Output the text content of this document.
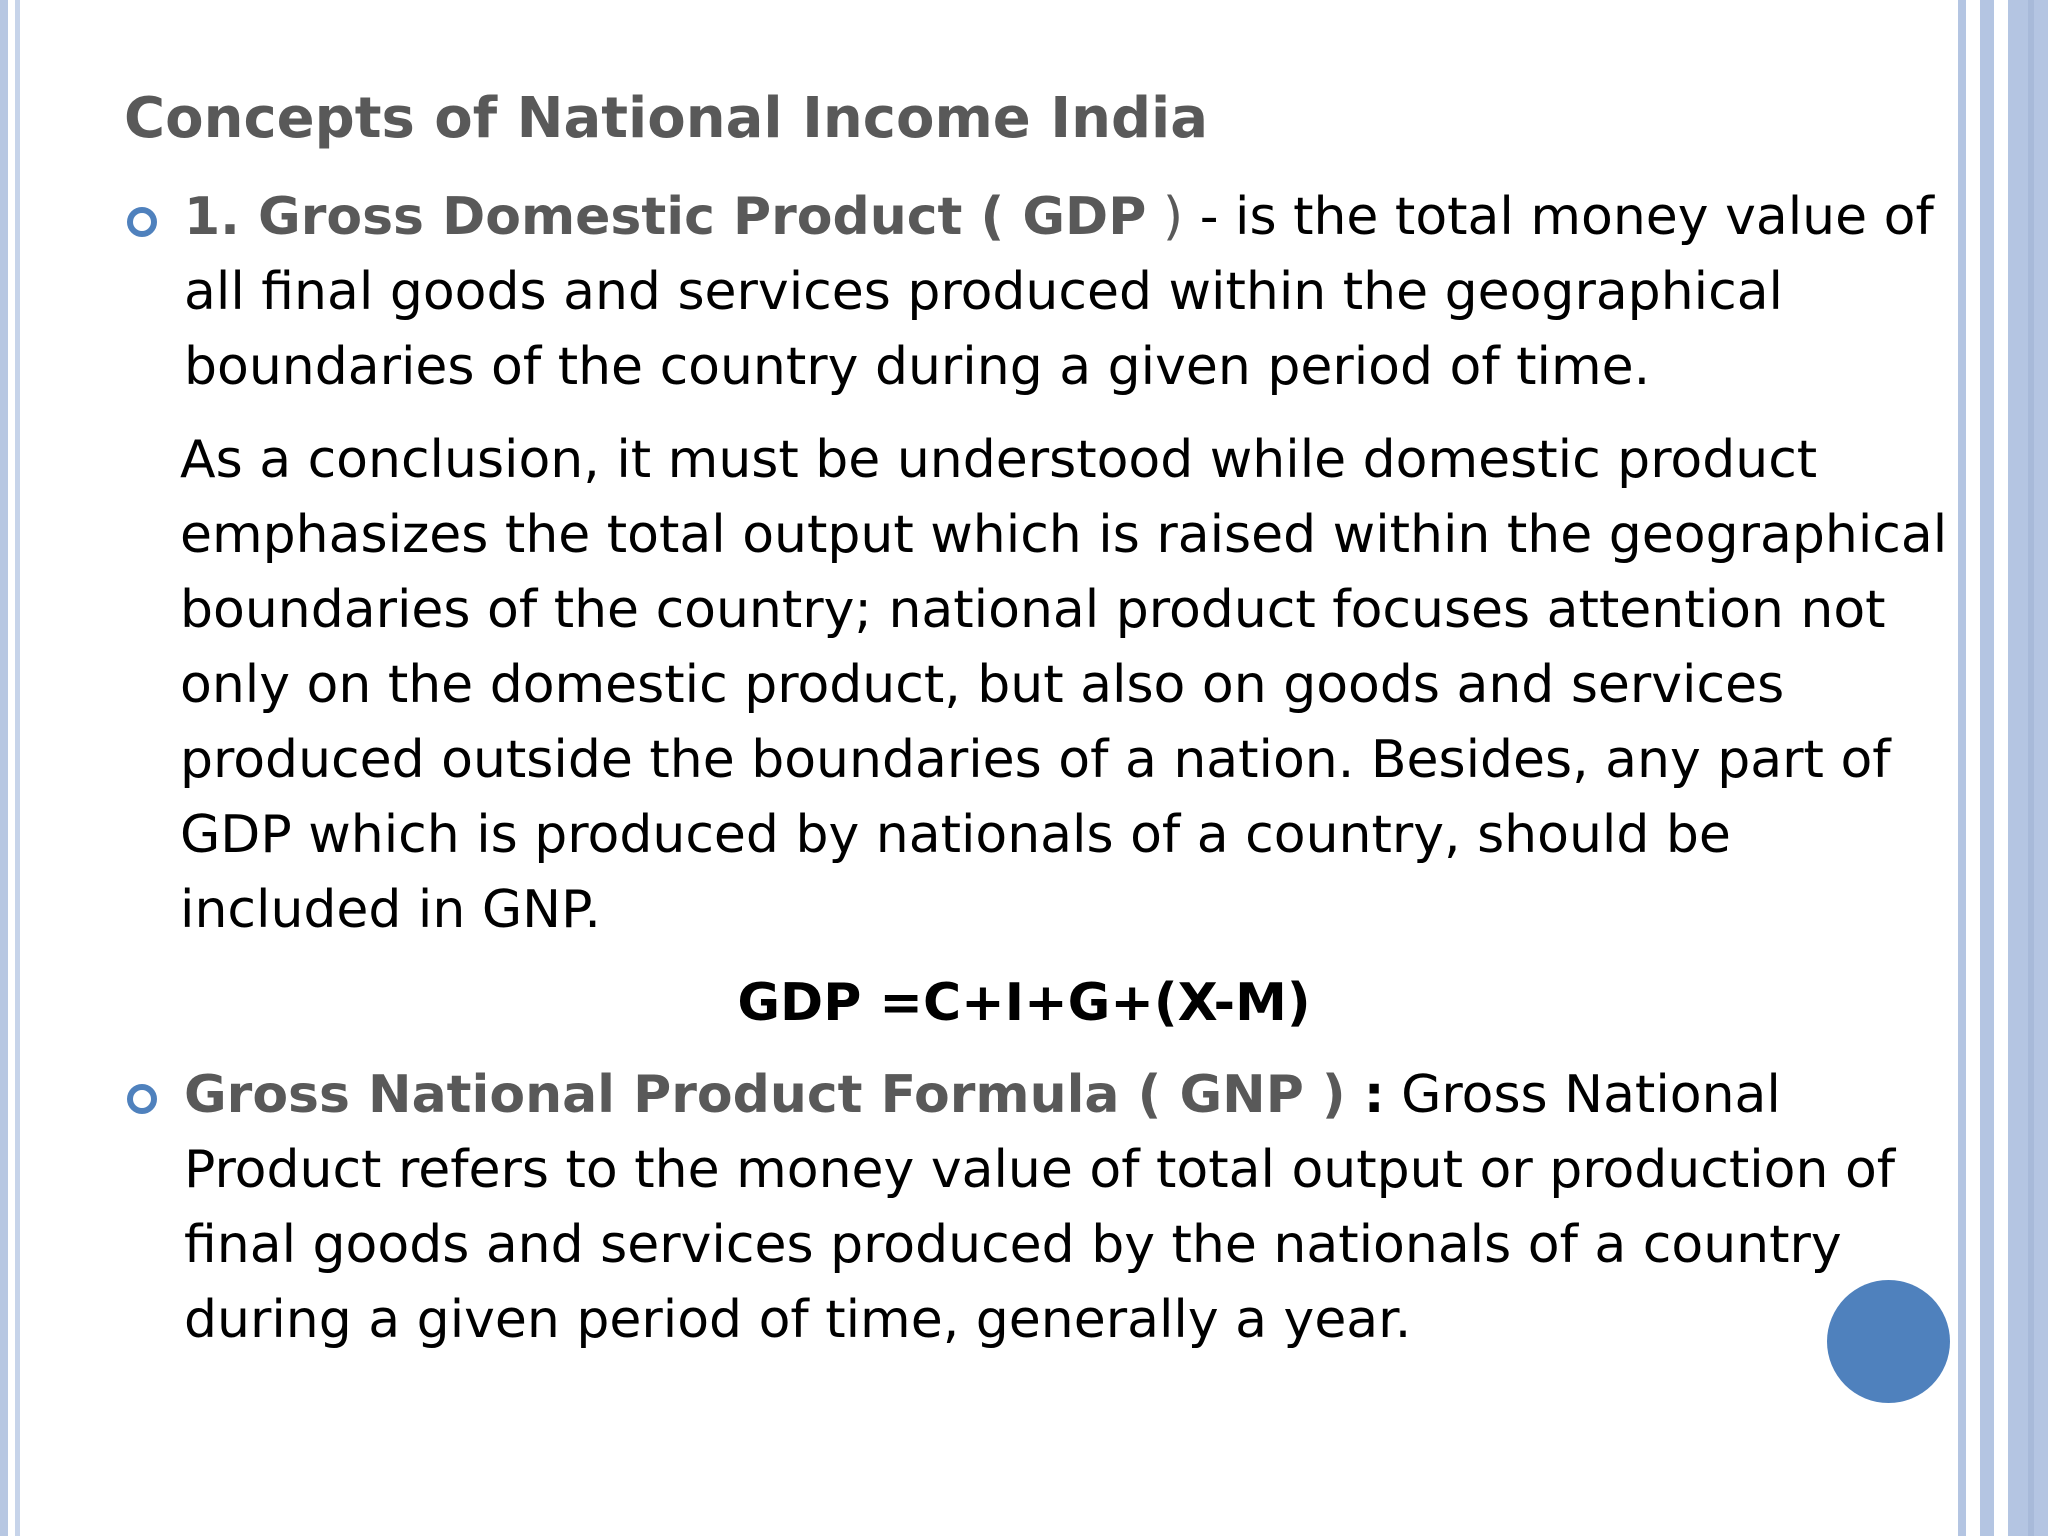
Concepts of National Income India
1. Gross Domestic Product ( GDP ) - is the total money value of all final goods and services produced within the geographical boundaries of the country during a given period of time.
As a conclusion, it must be understood while domestic product emphasizes the total output which is raised within the geographical boundaries of the country; national product focuses attention not only on the domestic product, but also on goods and services produced outside the boundaries of a nation. Besides, any part of GDP which is produced by nationals of a country, should be included in GNP.
GDP =C+I+G+(X-M)
Gross National Product Formula ( GNP ) : Gross National Product refers to the money value of total output or production of final goods and services produced by the nationals of a country during a given period of time, generally a year.
